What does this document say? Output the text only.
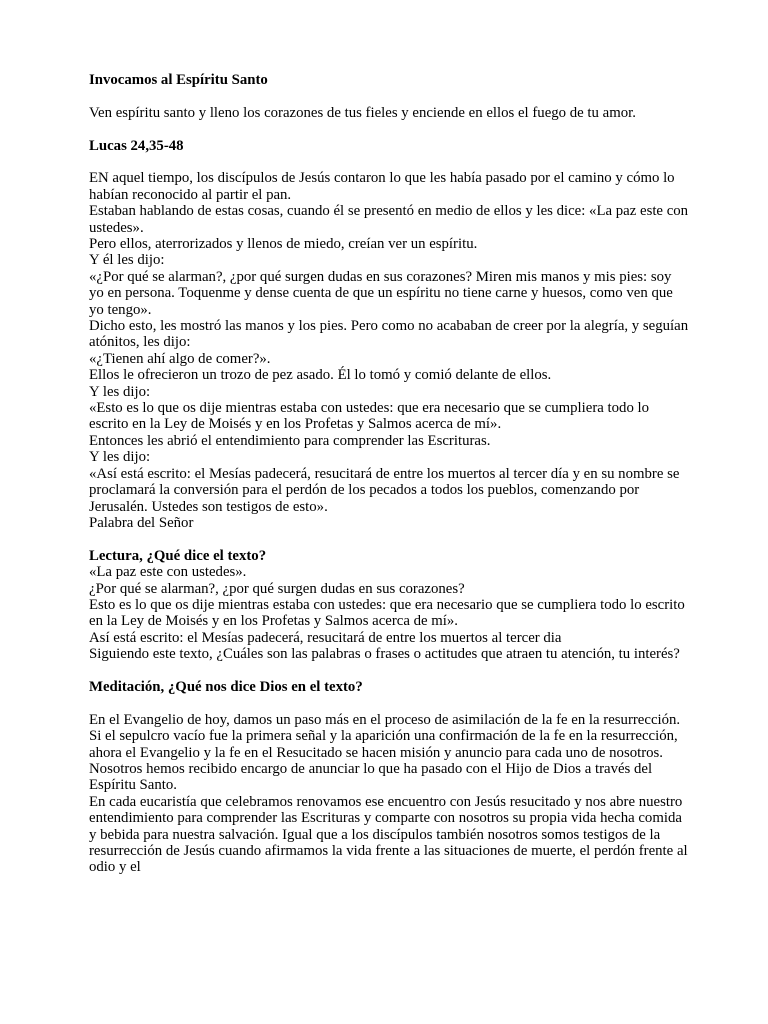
Invocamos al Espíritu Santo

Ven espíritu santo y lleno los corazones de tus fieles y enciende en ellos el fuego de tu amor.

Lucas 24,35-48

EN aquel tiempo, los discípulos de Jesús contaron lo que les había pasado por el camino y cómo lo habían reconocido al partir el pan.

Estaban hablando de estas cosas, cuando él se presentó en medio de ellos y les dice: «La paz este con ustedes».

Pero ellos, aterrorizados y llenos de miedo, creían ver un espíritu.

Y él les dijo:

«¿Por qué se alarman?, ¿por qué surgen dudas en sus corazones? Miren mis manos y mis pies: soy yo en persona. Toquenme y dense cuenta de que un espíritu no tiene carne y huesos, como ven que yo tengo».

Dicho esto, les mostró las manos y los pies. Pero como no acababan de creer por la alegría, y seguían atónitos, les dijo:

«¿Tienen ahí algo de comer?».

Ellos le ofrecieron un trozo de pez asado. Él lo tomó y comió delante de ellos.

Y les dijo:

«Esto es lo que os dije mientras estaba con ustedes: que era necesario que se cumpliera todo lo escrito en la Ley de Moisés y en los Profetas y Salmos acerca de mí».

Entonces les abrió el entendimiento para comprender las Escrituras.

Y les dijo:

«Así está escrito: el Mesías padecerá, resucitará de entre los muertos al tercer día y en su nombre se proclamará la conversión para el perdón de los pecados a todos los pueblos, comenzando por Jerusalén. Ustedes son testigos de esto».

Palabra del Señor

Lectura, ¿Qué dice el texto?

«La paz este con ustedes».

¿Por qué se alarman?, ¿por qué surgen dudas en sus corazones?

Esto es lo que os dije mientras estaba con ustedes: que era necesario que se cumpliera todo lo escrito en la Ley de Moisés y en los Profetas y Salmos acerca de mí».

Así está escrito: el Mesías padecerá, resucitará de entre los muertos al tercer dia

Siguiendo este texto, ¿Cuáles son las palabras o frases o actitudes que atraen tu atención, tu interés?

Meditación, ¿Qué nos dice Dios en el texto?

En el Evangelio de hoy, damos un paso más en el proceso de asimilación de la fe en la resurrección. Si el sepulcro vacío fue la primera señal y la aparición una confirmación de la fe en la resurrección, ahora el Evangelio y la fe en el Resucitado se hacen misión y anuncio para cada uno de nosotros.

Nosotros hemos recibido encargo de anunciar lo que ha pasado con el Hijo de Dios a través del Espíritu Santo.

En cada eucaristía que celebramos renovamos ese encuentro con Jesús resucitado y nos abre nuestro entendimiento para comprender las Escrituras y comparte con nosotros su propia vida hecha comida y bebida para nuestra salvación. Igual que a los discípulos también nosotros somos testigos de la resurrección de Jesús cuando afirmamos la vida frente a las situaciones de muerte, el perdón frente al odio y el
